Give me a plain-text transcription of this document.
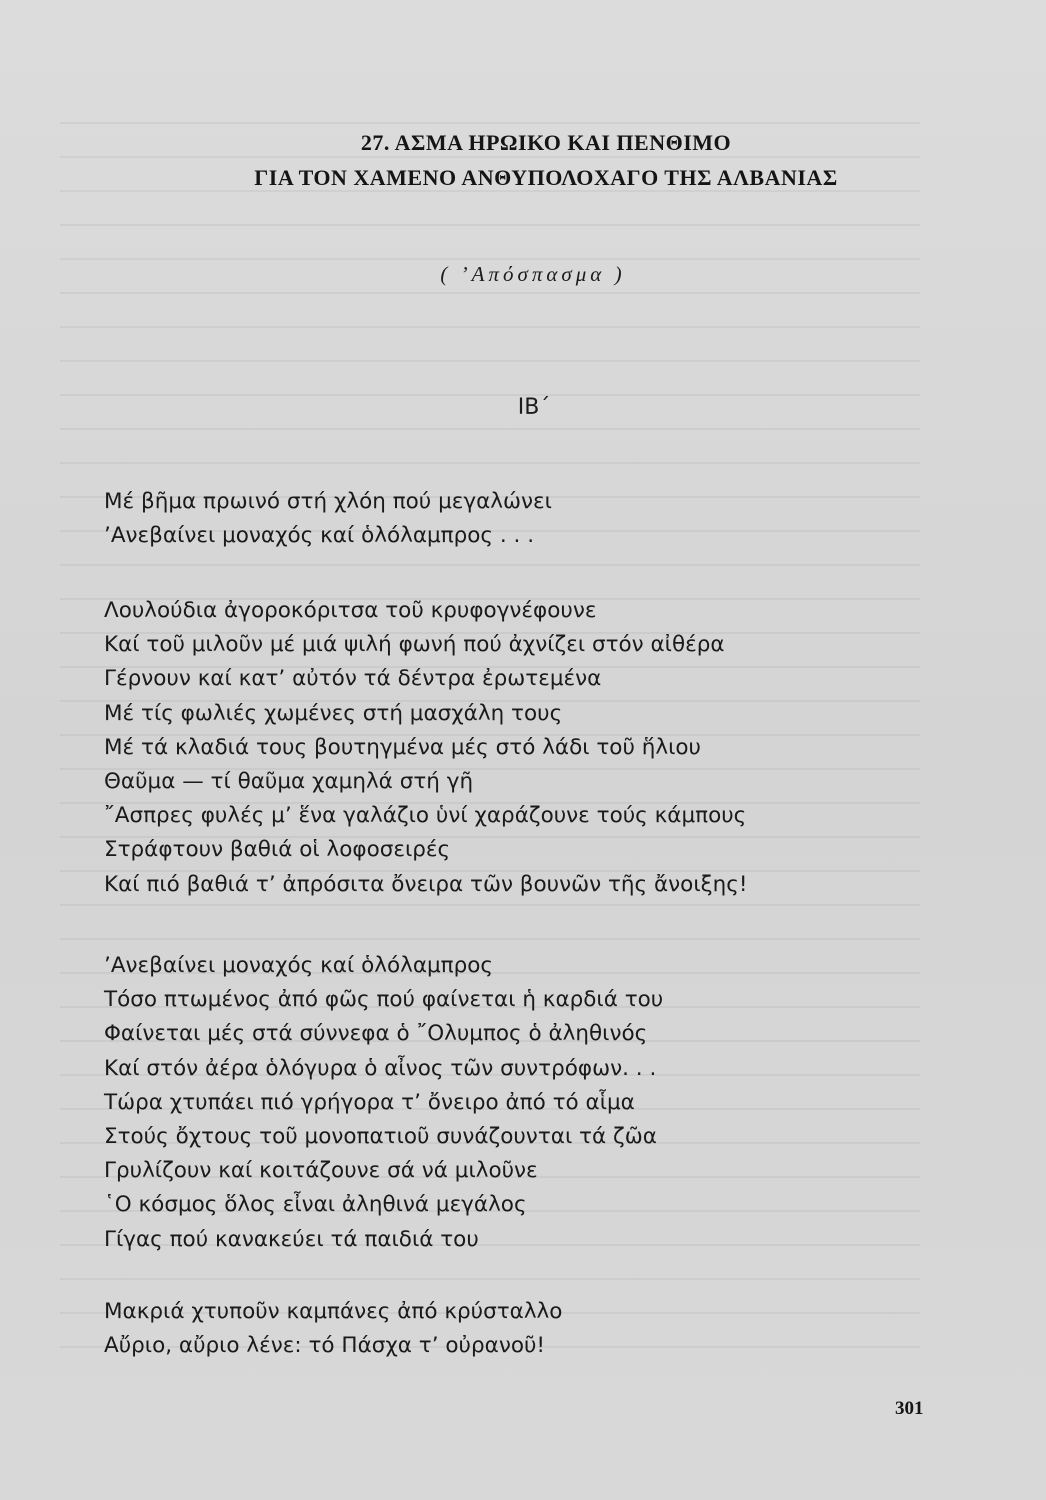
27. ΑΣΜΑ ΗΡΩΙΚΟ ΚΑΙ ΠΕΝΘΙΜΟ
ΓΙΑ ΤΟΝ ΧΑΜΕΝΟ ΑΝΘΥΠΟΛΟΧΑΓΟ ΤΗΣ ΑΛΒΑΝΙΑΣ
( ’Απόσπασμα )
ΙΒ΄
Μέ βῆμα πρωινό στή χλόη πού μεγαλώνει
’Ανεβαίνει μοναχός καί ὁλόλαμπρος . . .
Λουλούδια ἀγοροκόριτσα τοῦ κρυφογνέφουνε
Καί τοῦ μιλοῦν μέ μιά ψιλή φωνή πού ἀχνίζει στόν αἰθέρα
Γέρνουν καί κατ’ αὐτόν τά δέντρα ἐρωτεμένα
Μέ τίς φωλιές χωμένες στή μασχάλη τους
Μέ τά κλαδιά τους βουτηγμένα μές στό λάδι τοῦ ἥλιου
Θαῦμα — τί θαῦμα χαμηλά στή γῆ
῎Ασπρες φυλές μ’ ἕνα γαλάζιο ὑνί χαράζουνε τούς κάμπους
Στράφτουν βαθιά οἱ λοφοσειρές
Καί πιό βαθιά τ’ ἀπρόσιτα ὄνειρα τῶν βουνῶν τῆς ἄνοιξης!
’Ανεβαίνει μοναχός καί ὁλόλαμπρος
Τόσο πτωμένος ἀπό φῶς πού φαίνεται ἡ καρδιά του
Φαίνεται μές στά σύννεφα ὁ ῎Ολυμπος ὁ ἀληθινός
Καί στόν ἀέρα ὁλόγυρα ὁ αἶνος τῶν συντρόφων. . .
Τώρα χτυπάει πιό γρήγορα τ’ ὄνειρο ἀπό τό αἷμα
Στούς ὄχτους τοῦ μονοπατιοῦ συνάζουνται τά ζῶα
Γρυλίζουν καί κοιτάζουνε σά νά μιλοῦνε
῾Ο κόσμος ὅλος εἶναι ἀληθινά μεγάλος
Γίγας πού κανακεύει τά παιδιά του
Μακριά χτυποῦν καμπάνες ἀπό κρύσταλλο
Αὔριο, αὔριο λένε: τό Πάσχα τ’ οὐρανοῦ!
301
